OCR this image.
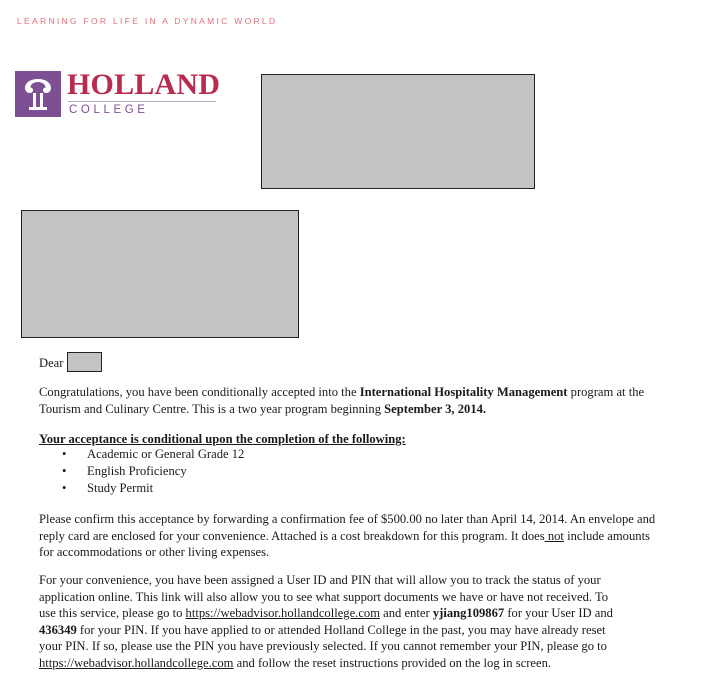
LEARNING FOR LIFE IN A DYNAMIC WORLD
HOLLAND
COLLEGE
Dear
Congratulations, you have been conditionally accepted into the International Hospitality Management program at the
Tourism and Culinary Centre. This is a two year program beginning September 3, 2014.
Your acceptance is conditional upon the completion of the following:
• Academic or General Grade 12
• English Proficiency
• Study Permit
Please confirm this acceptance by forwarding a confirmation fee of $500.00 no later than April 14, 2014. An envelope and
reply card are enclosed for your convenience. Attached is a cost breakdown for this program. It does not include amounts
for accommodations or other living expenses.
For your convenience, you have been assigned a User ID and PIN that will allow you to track the status of your
application online. This link will also allow you to see what support documents we have or have not received. To
use this service, please go to https://webadvisor.hollandcollege.com and enter yjiang109867 for your User ID and
436349 for your PIN. If you have applied to or attended Holland College in the past, you may have already reset
your PIN. If so, please use the PIN you have previously selected. If you cannot remember your PIN, please go to
https://webadvisor.hollandcollege.com and follow the reset instructions provided on the log in screen.
